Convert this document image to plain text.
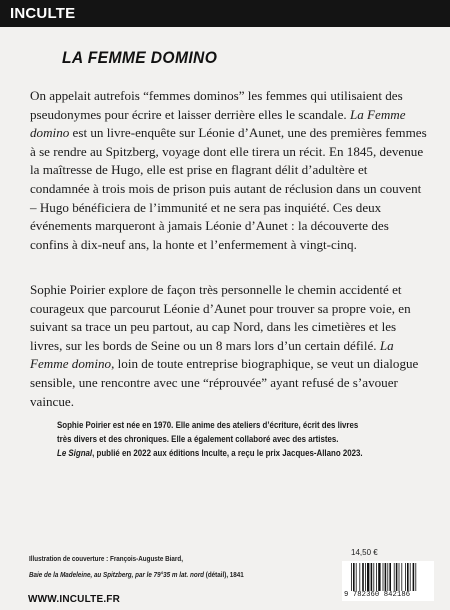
INCULTE
LA FEMME DOMINO

On appelait autrefois “femmes dominos” les femmes qui utilisaient des pseudonymes pour écrire et laisser derrière elles le scandale. La Femme domino est un livre-enquête sur Léonie d’Aunet, une des premières femmes à se rendre au Spitzberg, voyage dont elle tirera un récit. En 1845, devenue la maîtresse de Hugo, elle est prise en flagrant délit d’adultère et condamnée à trois mois de prison puis autant de réclusion dans un couvent – Hugo bénéficiera de l’immunité et ne sera pas inquiété. Ces deux événements marqueront à jamais Léonie d’Aunet : la découverte des confins à dix-neuf ans, la honte et l’enfermement à vingt-cinq.

Sophie Poirier explore de façon très personnelle le chemin accidenté et courageux que parcourut Léonie d’Aunet pour trouver sa propre voie, en suivant sa trace un peu partout, au cap Nord, dans les cimetières et les livres, sur les bords de Seine ou un 8 mars lors d’un certain défilé. La Femme domino, loin de toute entreprise biographique, se veut un dialogue sensible, une rencontre avec une “réprouvée” ayant refusé de s’avouer vaincue.

Sophie Poirier est née en 1970. Elle anime des ateliers d’écriture, écrit des livres
très divers et des chroniques. Elle a également collaboré avec des artistes.
Le Signal, publié en 2022 aux éditions Inculte, a reçu le prix Jacques-Allano 2023.

Illustration de couverture : François-Auguste Biard,
Baie de la Madeleine, au Spitzberg, par le 79°35 m lat. nord (détail), 1841
WWW.INCULTE.FR
14,50 €
9 782360 842186
